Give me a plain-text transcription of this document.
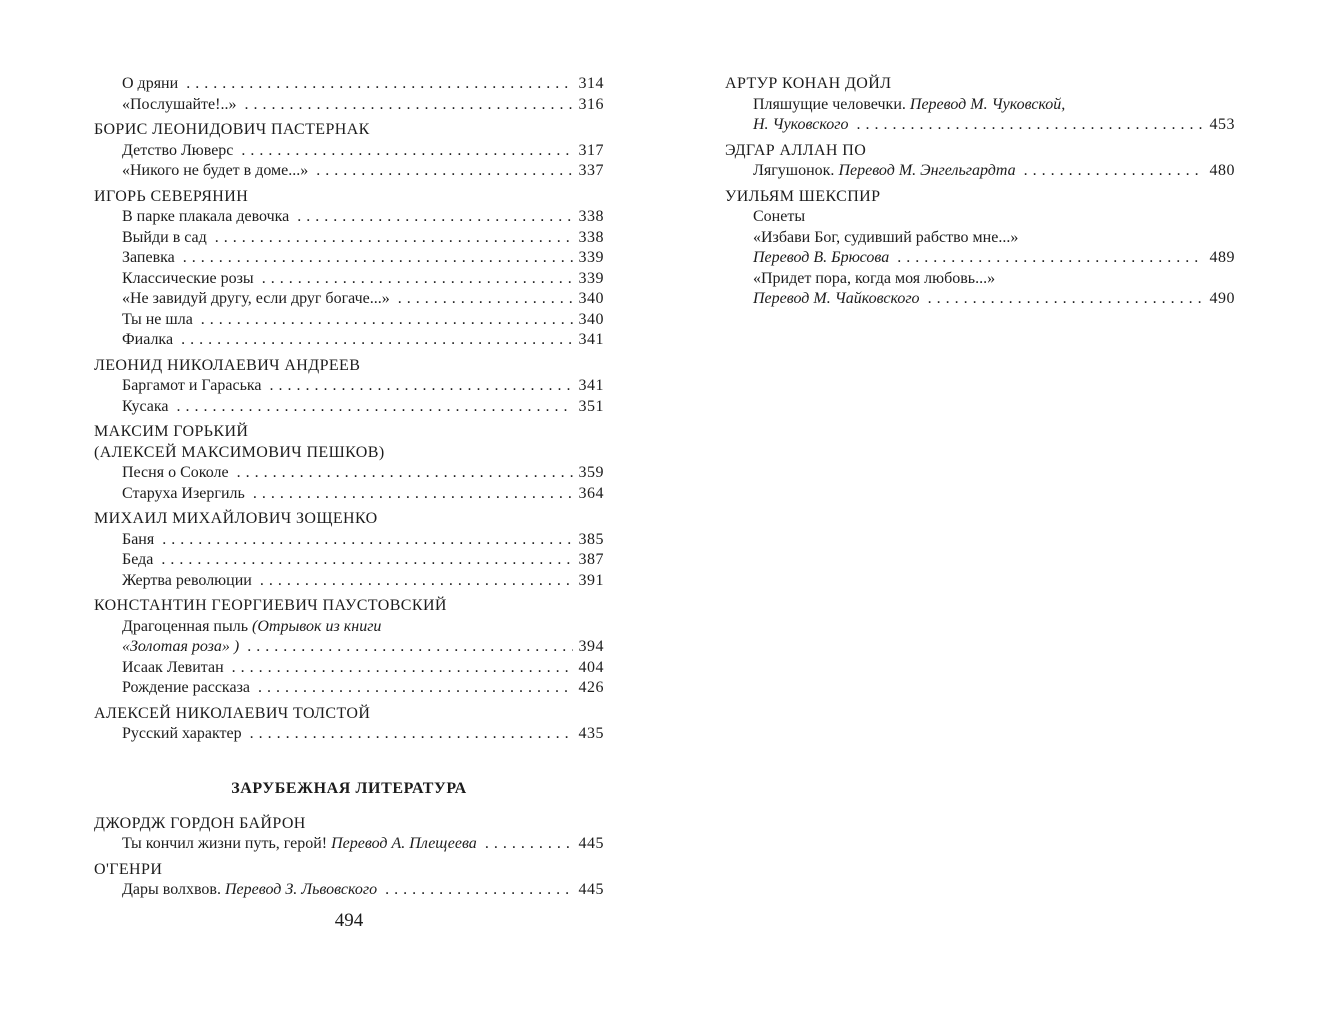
О дряни . . .	314
«Послушайте!..» . . .	316
БОРИС ЛЕОНИДОВИЧ ПАСТЕРНАК
Детство Люверс . . .	317
«Никого не будет в доме...» . . .	337
ИГОРЬ СЕВЕРЯНИН
В парке плакала девочка . . .	338
Выйди в сад . . .	338
Запевка . . .	339
Классические розы . . .	339
«Не завидуй другу, если друг богаче...» . . .	340
Ты не шла . . .	340
Фиалка . . .	341
ЛЕОНИД НИКОЛАЕВИЧ АНДРЕЕВ
Баргамот и Гараська . . .	341
Кусака . . .	351
МАКСИМ ГОРЬКИЙ
(АЛЕКСЕЙ МАКСИМОВИЧ ПЕШКОВ)
Песня о Соколе . . .	359
Старуха Изергиль . . .	364
МИХАИЛ МИХАЙЛОВИЧ ЗОЩЕНКО
Баня . . .	385
Беда . . .	387
Жертва революции . . .	391
КОНСТАНТИН ГЕОРГИЕВИЧ ПАУСТОВСКИЙ
Драгоценная пыль (Отрывок из книги
«Золотая роза» ) . . .	394
Исаак Левитан . . .	404
Рождение рассказа . . .	426
АЛЕКСЕЙ НИКОЛАЕВИЧ ТОЛСТОЙ
Русский характер . . .	435
ЗАРУБЕЖНАЯ ЛИТЕРАТУРА
ДЖОРДЖ ГОРДОН БАЙРОН
Ты кончил жизни путь, герой! Перевод А. Плещеева . . .	445
О'ГЕНРИ
Дары волхвов. Перевод З. Львовского . . .	445
494
АРТУР КОНАН ДОЙЛ
Пляшущие человечки. Перевод М. Чуковской,
Н. Чуковского . . .	453
ЭДГАР АЛЛАН ПО
Лягушонок. Перевод М. Энгельгардта . . .	480
УИЛЬЯМ ШЕКСПИР
Сонеты
«Избави Бог, судивший рабство мне...»
Перевод В. Брюсова . . .	489
«Придет пора, когда моя любовь...»
Перевод М. Чайковского . . .	490
